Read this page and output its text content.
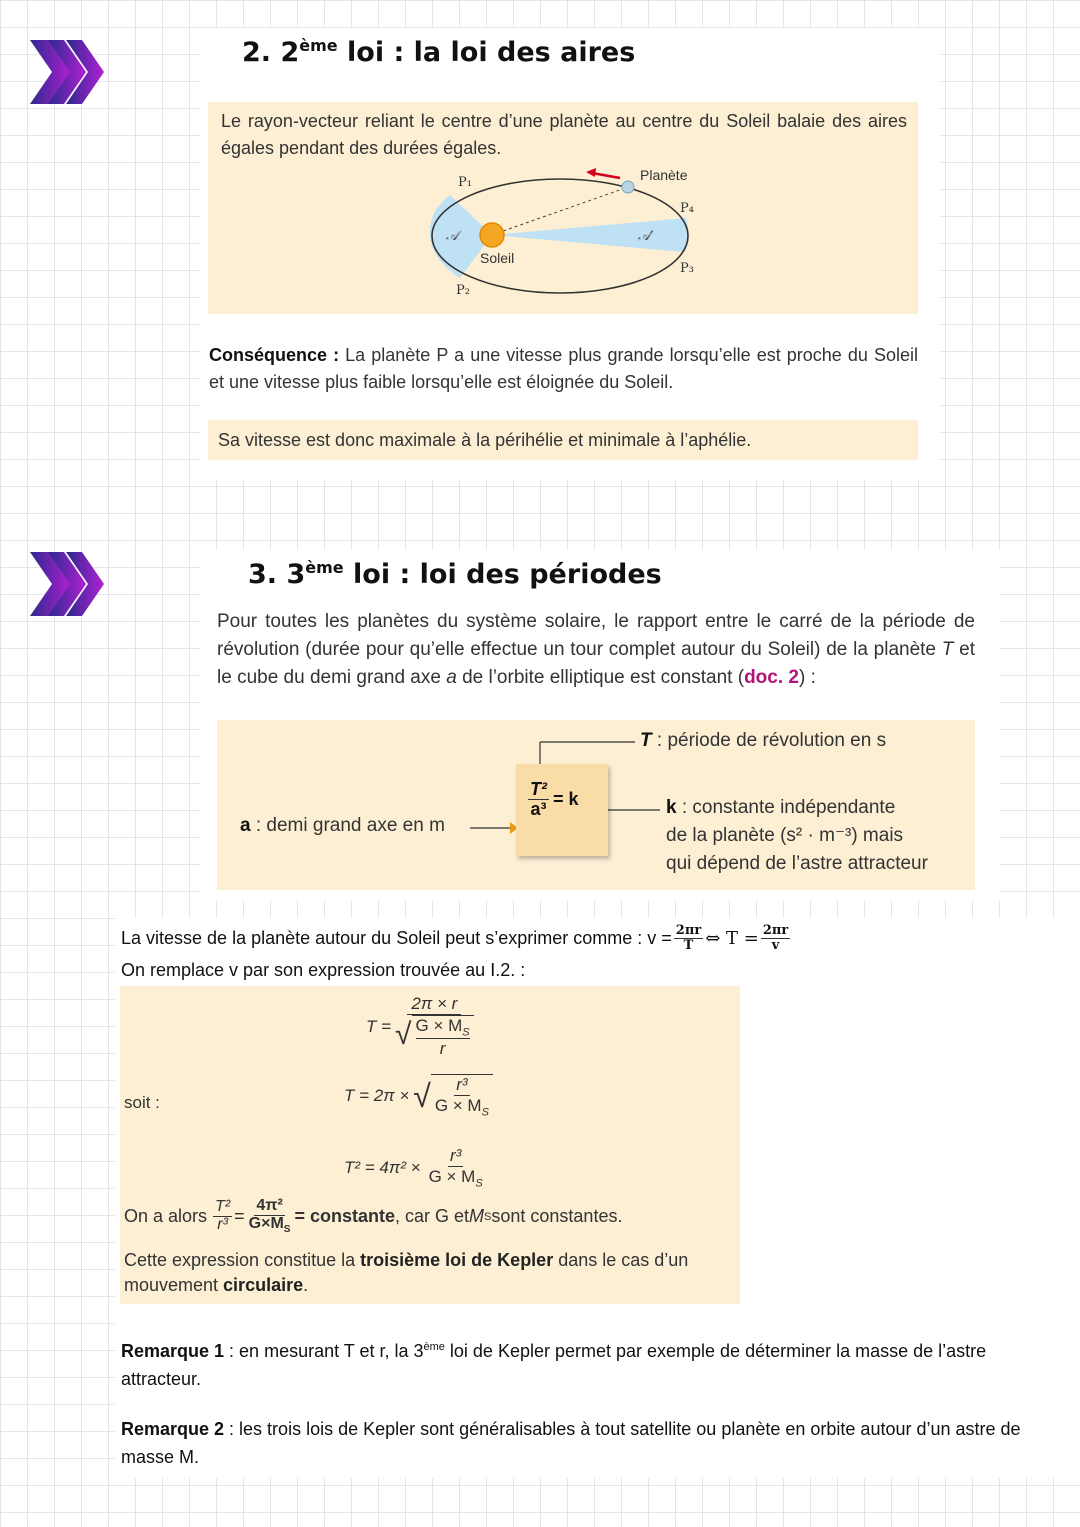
2. 2ème loi : la loi des aires
Le rayon-vecteur reliant le centre d’une planète au centre du Soleil balaie des aires égales pendant des durées égales.
P₁
P₂
P₃
P₄
Planète
Soleil
𝒜	𝒜′
Conséquence : La planète P a une vitesse plus grande lorsqu’elle est proche du Soleil et une vitesse plus faible lorsqu’elle est éloignée du Soleil.
Sa vitesse est donc maximale à la périhélie et minimale à l’aphélie.
3. 3ème loi : loi des périodes
Pour toutes les planètes du système solaire, le rapport entre le carré de la période de révolution (durée pour qu’elle effectue un tour complet autour du Soleil) de la planète T et le cube du demi grand axe a de l’orbite elliptique est constant (doc. 2) :
$\frac{\text{T²}}{\text{a³}} = k$
T : période de révolution en s
a : demi grand axe en m
k : constante indépendante
de la planète (s² · m⁻³) mais
qui dépend de l’astre attracteur
La vitesse de la planète autour du Soleil peut s’exprimer comme : $v = \frac{2\pi r}{T}$ ⇔ $T = \frac{2\pi r}{v}$
On remplace v par son expression trouvée au I.2. :
T = 2π × r
√ $G \times M_S$
r
soit :	T = 2π × √ r³
$G \times M_S$
$T^2 = 4\pi^2 \times \frac{\text{r³}}{G \times M_S}$
On a alors $\frac{\text{T²}}{\text{r³}} = \frac{\text{4π²}}{G\times M_S}$ = constante , car G et M S sont constantes.
Cette expression constitue la troisième loi de Kepler dans le cas d’un mouvement circulaire.
Remarque 1 : en mesurant T et r, la 3ème loi de Kepler permet par exemple de déterminer la masse de l’astre attracteur.
Remarque 2 : les trois lois de Kepler sont généralisables à tout satellite ou planète en orbite autour d’un astre de masse M.
